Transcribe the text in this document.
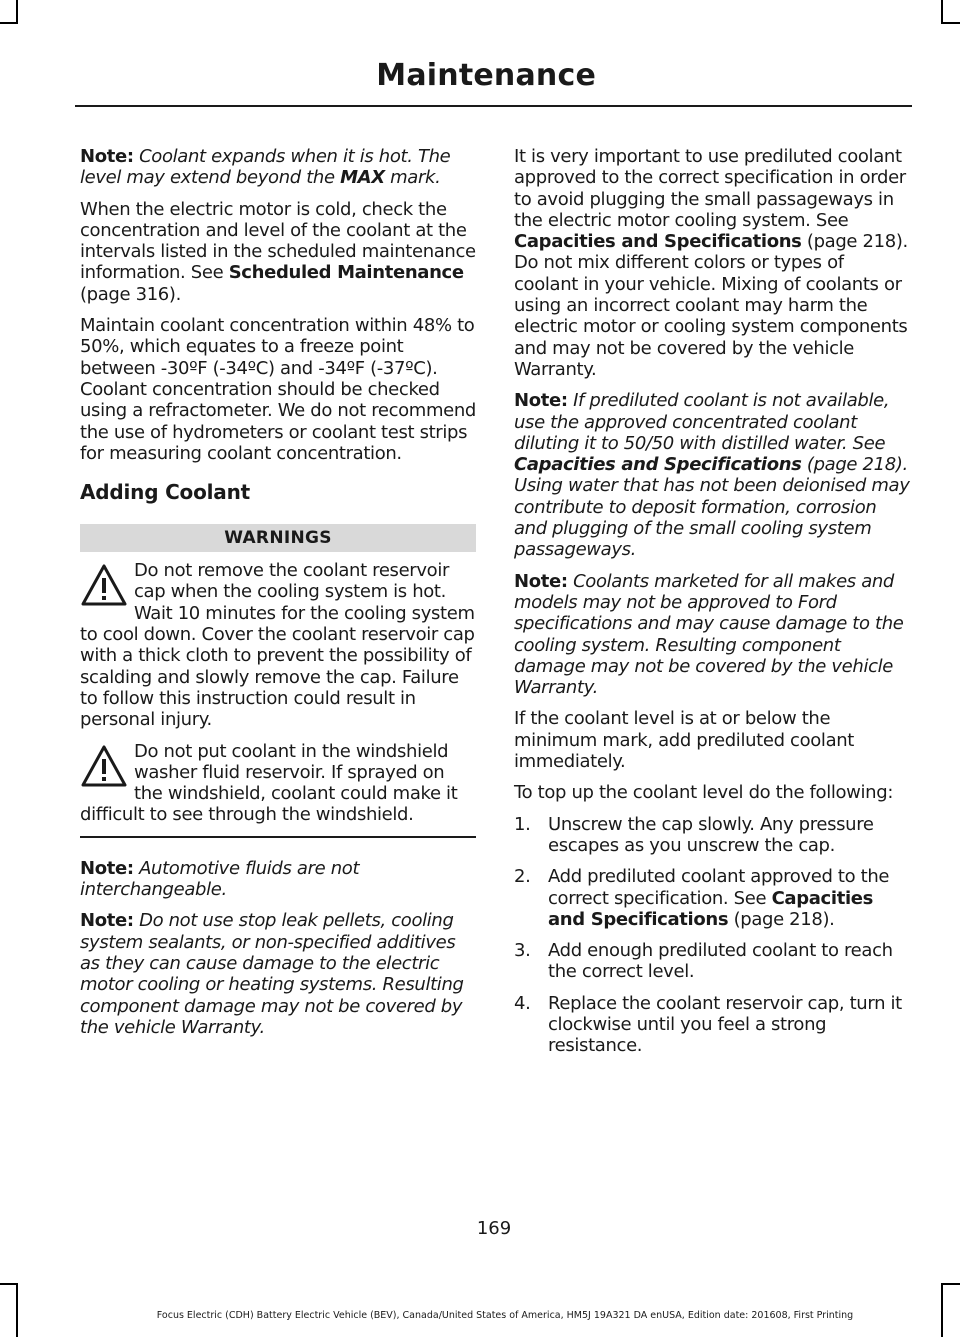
Maintenance

Note: Coolant expands when it is hot. The level may extend beyond the MAX mark.

When the electric motor is cold, check the concentration and level of the coolant at the intervals listed in the scheduled maintenance information. See Scheduled Maintenance (page 316).

Maintain coolant concentration within 48% to 50%, which equates to a freeze point between -30ºF (-34ºC) and -34ºF (-37ºC). Coolant concentration should be checked using a refractometer. We do not recommend the use of hydrometers or coolant test strips for measuring coolant concentration.

Adding Coolant
WARNINGS

Do not remove the coolant reservoir cap when the cooling system is hot. Wait 10 minutes for the cooling system to cool down. Cover the coolant reservoir cap with a thick cloth to prevent the possibility of scalding and slowly remove the cap. Failure to follow this instruction could result in personal injury.

Do not put coolant in the windshield washer fluid reservoir. If sprayed on the windshield, coolant could make it difficult to see through the windshield.

Note: Automotive fluids are not interchangeable.

Note: Do not use stop leak pellets, cooling system sealants, or non-specified additives as they can cause damage to the electric motor cooling or heating systems. Resulting component damage may not be covered by the vehicle Warranty.

It is very important to use prediluted coolant approved to the correct specification in order to avoid plugging the small passageways in the electric motor cooling system. See Capacities and Specifications (page 218). Do not mix different colors or types of coolant in your vehicle. Mixing of coolants or using an incorrect coolant may harm the electric motor or cooling system components and may not be covered by the vehicle Warranty.

Note: If prediluted coolant is not available, use the approved concentrated coolant diluting it to 50/50 with distilled water. See Capacities and Specifications (page 218). Using water that has not been deionised may contribute to deposit formation, corrosion and plugging of the small cooling system passageways.

Note: Coolants marketed for all makes and models may not be approved to Ford specifications and may cause damage to the cooling system. Resulting component damage may not be covered by the vehicle Warranty.

If the coolant level is at or below the minimum mark, add prediluted coolant immediately.

To top up the coolant level do the following:

1. Unscrew the cap slowly. Any pressure escapes as you unscrew the cap.
2. Add prediluted coolant approved to the correct specification. See Capacities and Specifications (page 218).
3. Add enough prediluted coolant to reach the correct level.
4. Replace the coolant reservoir cap, turn it clockwise until you feel a strong resistance.
169
Focus Electric (CDH) Battery Electric Vehicle (BEV), Canada/United States of America, HM5J 19A321 DA enUSA, Edition date: 201608, First Printing
